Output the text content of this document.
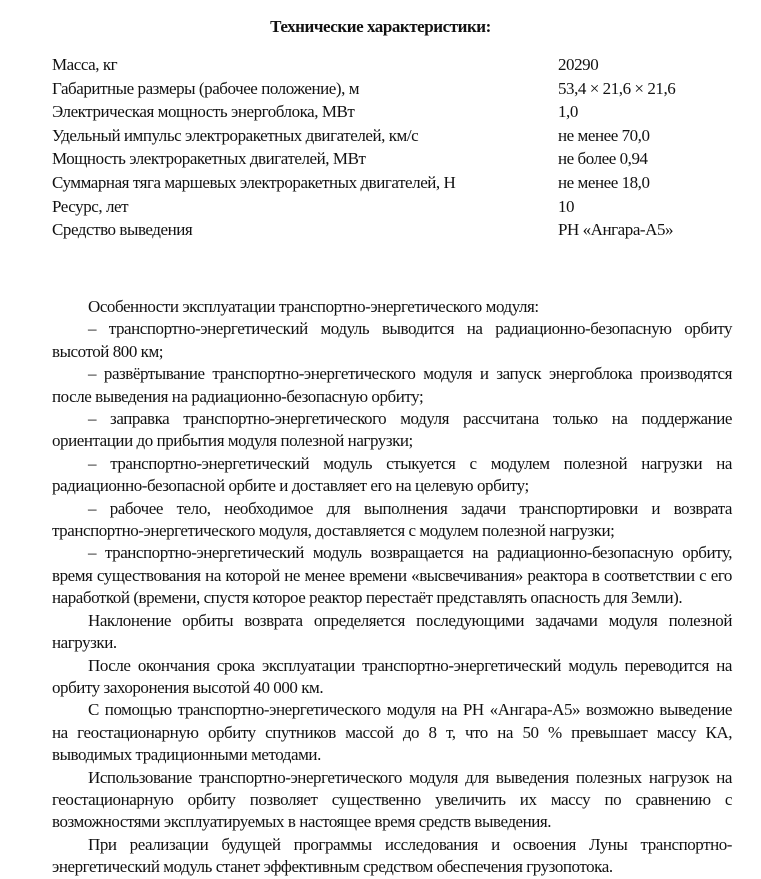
Технические характеристики:
Масса, кг	20290
Габаритные размеры (рабочее положение), м	53,4 × 21,6 × 21,6
Электрическая мощность энергоблока, МВт	1,0
Удельный импульс электроракетных двигателей, км/с	не менее 70,0
Мощность электроракетных двигателей, МВт	не более 0,94
Суммарная тяга маршевых электроракетных двигателей, Н	не менее 18,0
Ресурс, лет	10
Средство выведения	РН «Ангара-А5»

Особенности эксплуатации транспортно-энергетического модуля:

– транспортно-энергетический модуль выводится на радиационно-безопасную орбиту высотой 800 км;

– развёртывание транспортно-энергетического модуля и запуск энергоблока производятся после выведения на радиационно-безопасную орбиту;

– заправка транспортно-энергетического модуля рассчитана только на поддержание ориентации до прибытия модуля полезной нагрузки;

– транспортно-энергетический модуль стыкуется с модулем полезной нагрузки на радиационно-безопасной орбите и доставляет его на целевую орбиту;

– рабочее тело, необходимое для выполнения задачи транспортировки и возврата транспортно-энергетического модуля, доставляется с модулем полезной нагрузки;

– транспортно-энергетический модуль возвращается на радиационно-безопасную орбиту, время существования на которой не менее времени «высвечивания» реактора в соответствии с его наработкой (времени, спустя которое реактор перестаёт представлять опасность для Земли).

Наклонение орбиты возврата определяется последующими задачами модуля полезной нагрузки.

После окончания срока эксплуатации транспортно-энергетический модуль переводится на орбиту захоронения высотой 40 000 км.

С помощью транспортно-энергетического модуля на РН «Ангара-А5» возможно выведение на геостационарную орбиту спутников массой до 8 т, что на 50 % превышает массу КА, выводимых традиционными методами.

Использование транспортно-энергетического модуля для выведения полезных нагрузок на геостационарную орбиту позволяет существенно увеличить их массу по сравнению с возможностями эксплуатируемых в настоящее время средств выведения.

При реализации будущей программы исследования и освоения Луны транспортно-энергетический модуль станет эффективным средством обеспечения грузопотока.
